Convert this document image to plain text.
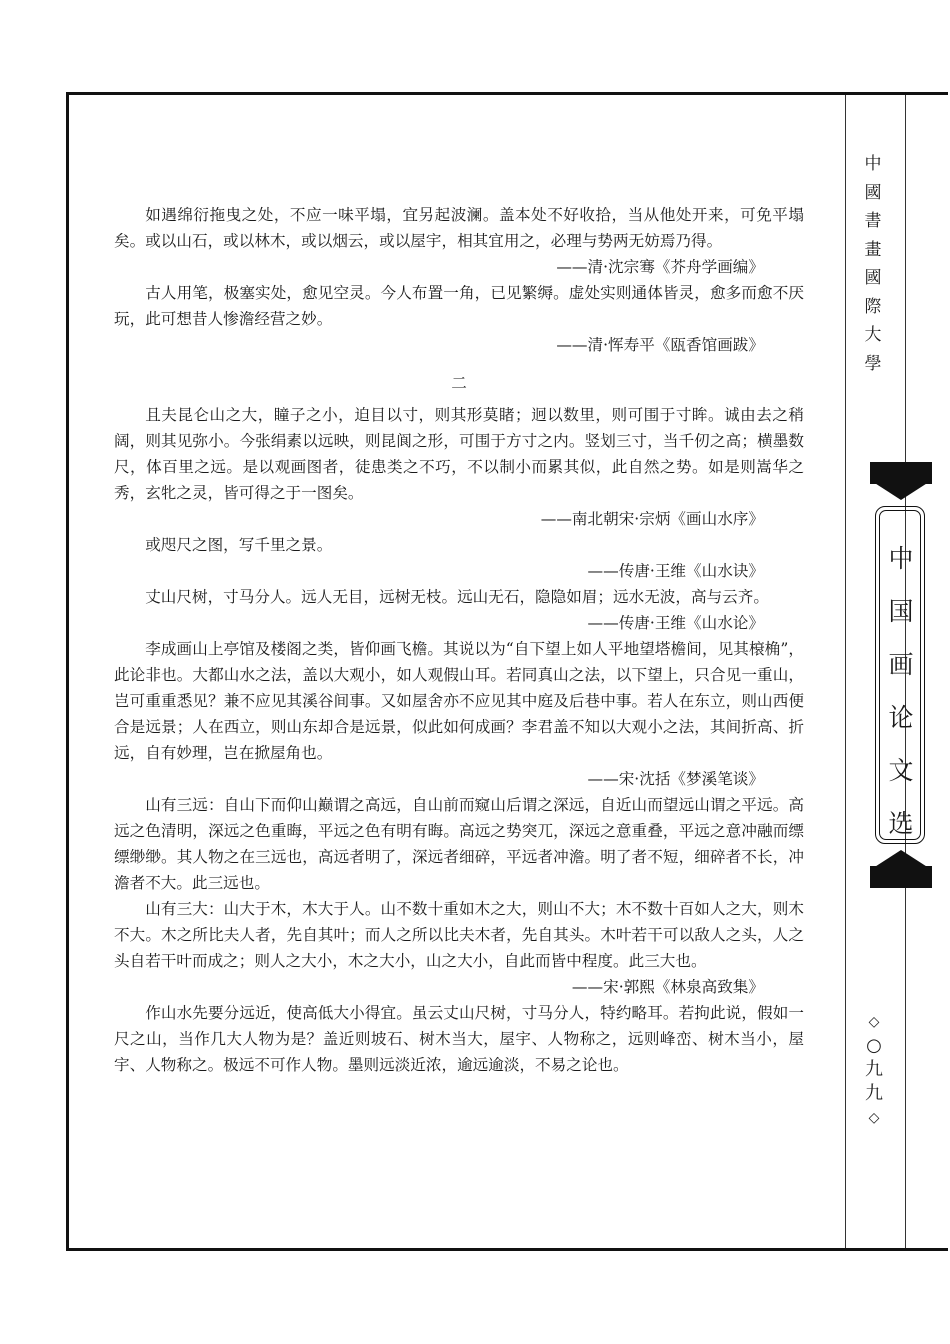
如遇绵衍拖曳之处，不应一味平塌，宜另起波澜。盖本处不好收拾，当从他处开来，可免平塌矣。或以山石，或以林木，或以烟云，或以屋宇，相其宜用之，必理与势两无妨焉乃得。

——清·沈宗骞《芥舟学画编》

古人用笔，极塞实处，愈见空灵。今人布置一角，已见繁缛。虚处实则通体皆灵，愈多而愈不厌玩，此可想昔人惨澹经营之妙。

——清·恽寿平《瓯香馆画跋》

二

且夫昆仑山之大，瞳子之小，迫目以寸，则其形莫睹；迥以数里，则可围于寸眸。诚由去之稍阔，则其见弥小。今张绢素以远映，则昆阆之形，可围于方寸之内。竖划三寸，当千仞之高；横墨数尺，体百里之远。是以观画图者，徒患类之不巧，不以制小而累其似，此自然之势。如是则嵩华之秀，玄牝之灵，皆可得之于一图矣。

——南北朝宋·宗炳《画山水序》

或咫尺之图，写千里之景。

——传唐·王维《山水诀》

丈山尺树，寸马分人。远人无目，远树无枝。远山无石，隐隐如眉；远水无波，高与云齐。

——传唐·王维《山水论》

李成画山上亭馆及楼阁之类，皆仰画飞檐。其说以为“自下望上如人平地望塔檐间，见其榱桷”，此论非也。大都山水之法，盖以大观小，如人观假山耳。若同真山之法，以下望上，只合见一重山，岂可重重悉见？兼不应见其溪谷间事。又如屋舍亦不应见其中庭及后巷中事。若人在东立，则山西便合是远景；人在西立，则山东却合是远景，似此如何成画？李君盖不知以大观小之法，其间折高、折远，自有妙理，岂在掀屋角也。

——宋·沈括《梦溪笔谈》

山有三远：自山下而仰山巅谓之高远，自山前而窥山后谓之深远，自近山而望远山谓之平远。高远之色清明，深远之色重晦，平远之色有明有晦。高远之势突兀，深远之意重叠，平远之意冲融而缥缥缈缈。其人物之在三远也，高远者明了，深远者细碎，平远者冲澹。明了者不短，细碎者不长，冲澹者不大。此三远也。

山有三大：山大于木，木大于人。山不数十重如木之大，则山不大；木不数十百如人之大，则木不大。木之所比夫人者，先自其叶；而人之所以比夫木者，先自其头。木叶若干可以敌人之头，人之头自若干叶而成之；则人之大小，木之大小，山之大小，自此而皆中程度。此三大也。

——宋·郭熙《林泉高致集》

作山水先要分远近，使高低大小得宜。虽云丈山尺树，寸马分人，特约略耳。若拘此说，假如一尺之山，当作几大人物为是？盖近则坡石、树木当大，屋宇、人物称之，远则峰峦、树木当小，屋宇、人物称之。极远不可作人物。墨则远淡近浓，逾远逾淡，不易之论也。

中
國
書
畫
國
際
大
學
中
国
画
论
文
选
◇
○
九
九
◇
